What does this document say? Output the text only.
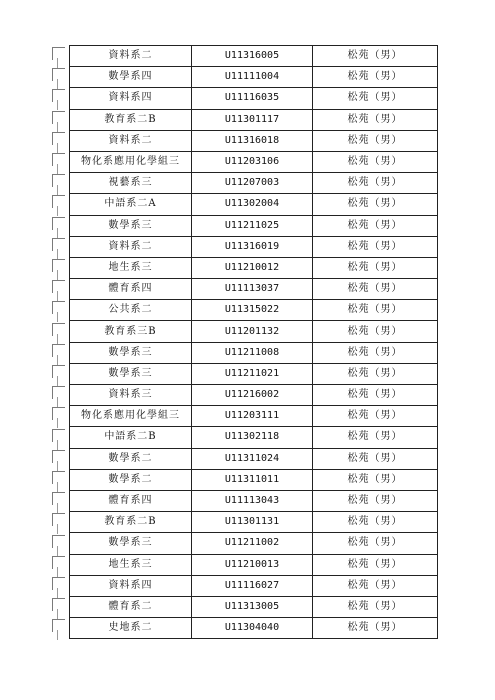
資料系二	U11316005	松苑（男）
數學系四	U11111004	松苑（男）
資料系四	U11116035	松苑（男）
教育系二B	U11301117	松苑（男）
資料系二	U11316018	松苑（男）
物化系應用化學組三	U11203106	松苑（男）
視藝系三	U11207003	松苑（男）
中語系二A	U11302004	松苑（男）
數學系三	U11211025	松苑（男）
資料系二	U11316019	松苑（男）
地生系三	U11210012	松苑（男）
體育系四	U11113037	松苑（男）
公共系二	U11315022	松苑（男）
教育系三B	U11201132	松苑（男）
數學系三	U11211008	松苑（男）
數學系三	U11211021	松苑（男）
資料系三	U11216002	松苑（男）
物化系應用化學組三	U11203111	松苑（男）
中語系二B	U11302118	松苑（男）
數學系二	U11311024	松苑（男）
數學系二	U11311011	松苑（男）
體育系四	U11113043	松苑（男）
教育系二B	U11301131	松苑（男）
數學系三	U11211002	松苑（男）
地生系三	U11210013	松苑（男）
資料系四	U11116027	松苑（男）
體育系二	U11313005	松苑（男）
史地系二	U11304040	松苑（男）
